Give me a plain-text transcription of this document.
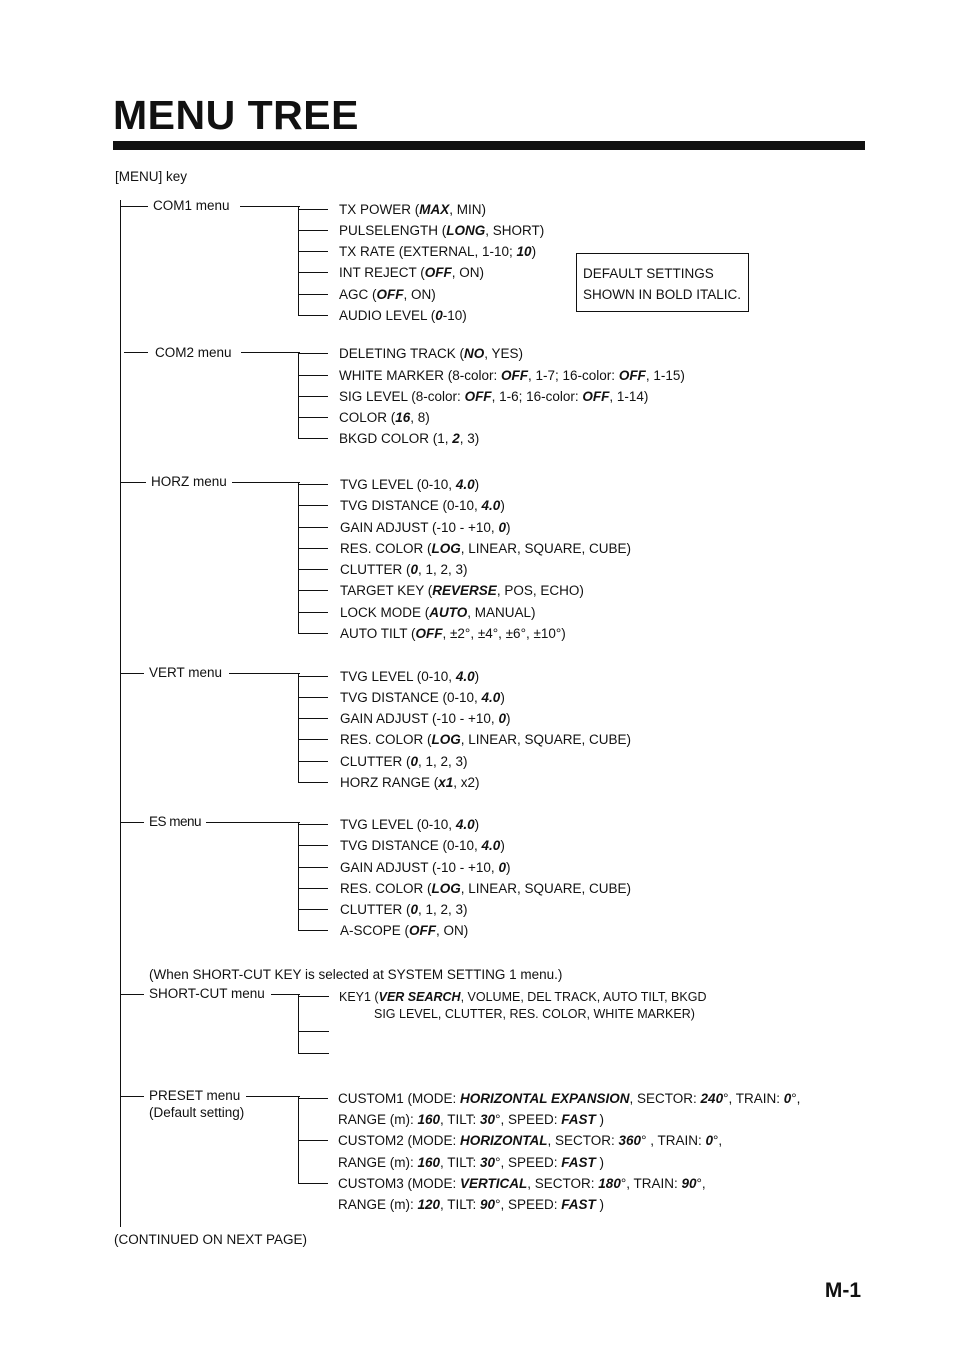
MENU TREE
[MENU] key
COM1 menu	TX POWER (MAX, MIN)
PULSELENGTH (LONG, SHORT)
TX RATE (EXTERNAL, 1-10; 10)
INT REJECT (OFF, ON)
AGC (OFF, ON)
AUDIO LEVEL (0-10)
DEFAULT SETTINGS
SHOWN IN BOLD ITALIC.
COM2 menu	DELETING TRACK (NO, YES)
WHITE MARKER (8-color: OFF, 1-7; 16-color: OFF, 1-15)
SIG LEVEL (8-color: OFF, 1-6; 16-color: OFF, 1-14)
COLOR (16, 8)
BKGD COLOR (1, 2, 3)
HORZ menu	TVG LEVEL (0-10, 4.0)
TVG DISTANCE (0-10, 4.0)
GAIN ADJUST (-10 - +10, 0)
RES. COLOR (LOG, LINEAR, SQUARE, CUBE)
CLUTTER (0, 1, 2, 3)
TARGET KEY (REVERSE, POS, ECHO)
LOCK MODE (AUTO, MANUAL)
AUTO TILT (OFF, ±2°, ±4°, ±6°, ±10°)
VERT menu	TVG LEVEL (0-10, 4.0)
TVG DISTANCE (0-10, 4.0)
GAIN ADJUST (-10 - +10, 0)
RES. COLOR (LOG, LINEAR, SQUARE, CUBE)
CLUTTER (0, 1, 2, 3)
HORZ RANGE (x1, x2)
ES menu	TVG LEVEL (0-10, 4.0)
TVG DISTANCE (0-10, 4.0)
GAIN ADJUST (-10 - +10, 0)
RES. COLOR (LOG, LINEAR, SQUARE, CUBE)
CLUTTER (0, 1, 2, 3)
A-SCOPE (OFF, ON)
(When SHORT-CUT KEY is selected at SYSTEM SETTING 1 menu.)
SHORT-CUT menu	KEY1 (VER SEARCH, VOLUME, DEL TRACK, AUTO TILT, BKGD
SIG LEVEL, CLUTTER, RES. COLOR, WHITE MARKER)
PRESET menu
(Default setting)
CUSTOM1 (MODE: HORIZONTAL EXPANSION, SECTOR: 240°, TRAIN: 0°,
RANGE (m): 160, TILT: 30°, SPEED: FAST )
CUSTOM2 (MODE: HORIZONTAL, SECTOR: 360° , TRAIN: 0°,
RANGE (m): 160, TILT: 30°, SPEED: FAST )
CUSTOM3 (MODE: VERTICAL, SECTOR: 180°, TRAIN: 90°,
RANGE (m): 120, TILT: 90°, SPEED: FAST )
(CONTINUED ON NEXT PAGE)
M-1
